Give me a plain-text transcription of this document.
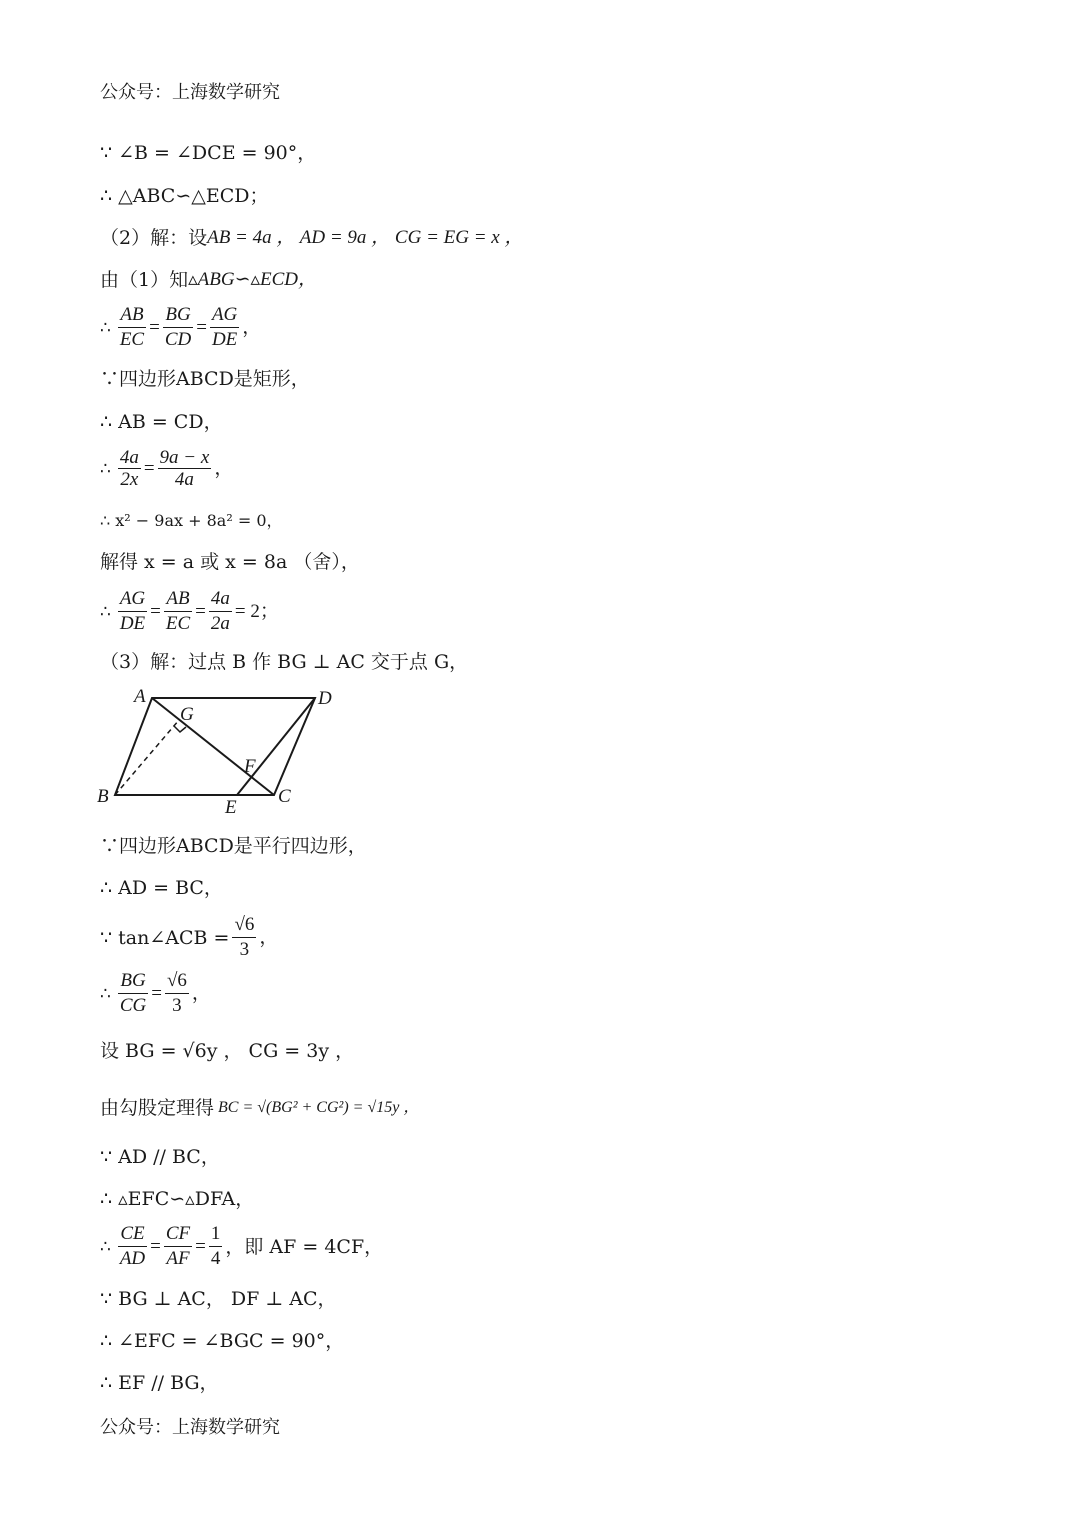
公众号：上海数学研究
∵ ∠B = ∠DCE = 90°，
∴ △ABC∽△ECD；
（2）解：设 AB = 4a ， AD = 9a ， CG = EG = x ，
由（1）知 ▵ABG∽▵ECD，
∴ $\frac{AB}{EC} = \frac{BG}{CD} = \frac{AG}{DE}$ ，
∵四边形ABCD是矩形，
∴ AB = CD，
∴ $\frac{4a}{2x} = \frac{9a - x}{4a}$ ，
∴ x² − 9ax + 8a² = 0，
解得 x = a 或 x = 8a （舍），
∴ $\frac{AG}{DE} = \frac{AB}{EC} = \frac{4a}{2a} = 2$；
（3）解：过点 B 作 BG ⊥ AC 交于点 G，
A	D
G
F
B	C
E
∵四边形ABCD是平行四边形，
∴ AD = BC，
∵ tan∠ACB = $\frac{√6}{3}$ ，
∴ $\frac{BG}{CG} = \frac{√6}{3}$ ，
设 BG = √6y ， CG = 3y ，
由勾股定理得 BC = √(BG² + CG²) = √15y ，
∵ AD // BC，
∴ ▵EFC∽▵DFA，
∴ $\frac{CE}{AD} = \frac{CF}{AF} = \frac{1}{4}$ ，即 AF = 4CF，
∵ BG ⊥ AC， DF ⊥ AC，
∴ ∠EFC = ∠BGC = 90°，
∴ EF // BG，
公众号：上海数学研究
